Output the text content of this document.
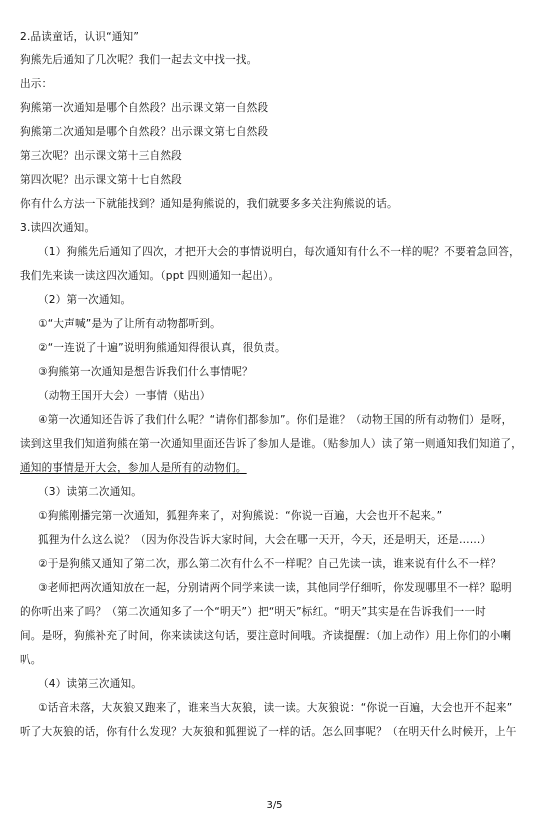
2.品读童话，认识“通知”
狗熊先后通知了几次呢？我们一起去文中找一找。
出示：
狗熊第一次通知是哪个自然段？出示课文第一自然段
狗熊第二次通知是哪个自然段？出示课文第七自然段
第三次呢？出示课文第十三自然段
第四次呢？出示课文第十七自然段
你有什么方法一下就能找到？通知是狗熊说的，我们就要多多关注狗熊说的话。
3.读四次通知。
（1）狗熊先后通知了四次，才把开大会的事情说明白，每次通知有什么不一样的呢？不要着急回答，
我们先来读一读这四次通知。（ppt 四则通知一起出）。
（2）第一次通知。
①“大声喊”是为了让所有动物都听到。
②“一连说了十遍”说明狗熊通知得很认真，很负责。
③狗熊第一次通知是想告诉我们什么事情呢？
（动物王国开大会）一事情（贴出）
④第一次通知还告诉了我们什么呢？“请你们都参加”。你们是谁？（动物王国的所有动物们）是呀，
读到这里我们知道狗熊在第一次通知里面还告诉了参加人是谁。（贴参加人）读了第一则通知我们知道了，
通知的事情是开大会，参加人是所有的动物们。
（3）读第二次通知。
①狗熊刚播完第一次通知，狐狸奔来了，对狗熊说：“你说一百遍，大会也开不起来。”
狐狸为什么这么说？（因为你没告诉大家时间，大会在哪一天开，今天，还是明天，还是……）
②于是狗熊又通知了第二次，那么第二次有什么不一样呢？自己先读一读，谁来说有什么不一样？
③老师把两次通知放在一起，分别请两个同学来读一读，其他同学仔细听，你发现哪里不一样？聪明
的你听出来了吗？（第二次通知多了一个“明天”）把“明天”标红。“明天”其实是在告诉我们一一时
间。是呀，狗熊补充了时间，你来读读这句话，要注意时间哦。齐读提醒：（加上动作）用上你们的小喇
叭。
（4）读第三次通知。
①话音未落，大灰狼又跑来了，谁来当大灰狼，读一读。大灰狼说：“你说一百遍，大会也开不起来”
听了大灰狼的话，你有什么发现？大灰狼和狐狸说了一样的话。怎么回事呢？（在明天什么时候开，上午
3/5
